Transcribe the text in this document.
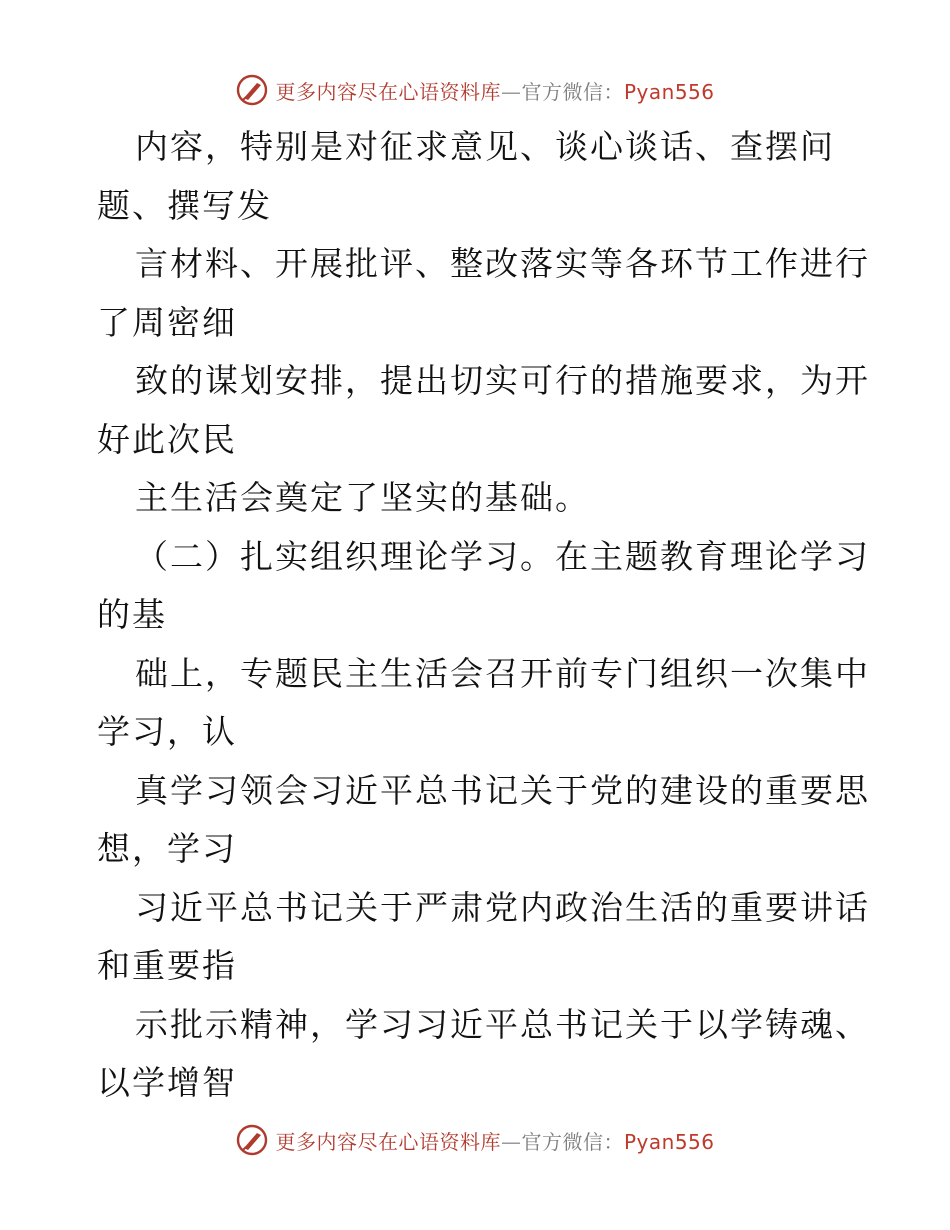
更多内容尽在心语资料库—官方微信：Pyan556
内容，特别是对征求意见、谈心谈话、查摆问
题、撰写发
言材料、开展批评、整改落实等各环节工作进行
了周密细
致的谋划安排，提出切实可行的措施要求，为开
好此次民
主生活会奠定了坚实的基础。
（二）扎实组织理论学习。在主题教育理论学习
的基
础上，专题民主生活会召开前专门组织一次集中
学习，认
真学习领会习近平总书记关于党的建设的重要思
想，学习
习近平总书记关于严肃党内政治生活的重要讲话
和重要指
示批示精神，学习习近平总书记关于以学铸魂、
以学增智
更多内容尽在心语资料库—官方微信：Pyan556
